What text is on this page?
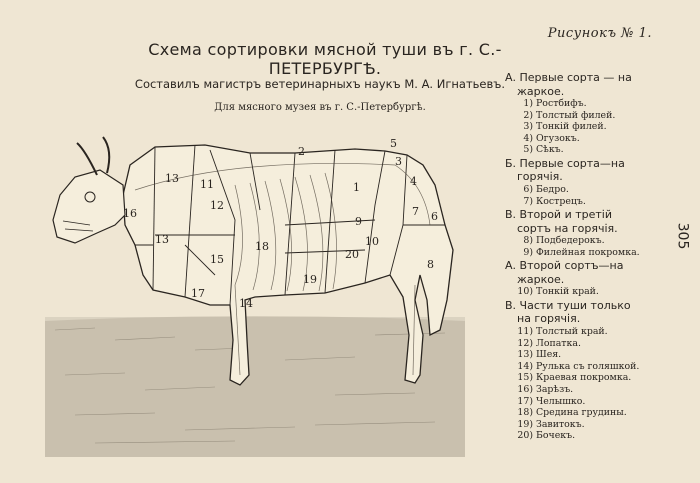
Рисунокъ № 1.
Схема сортировки мясной туши въ г. С.-ПЕТЕРБУРГѢ.
Составилъ магистръ ветеринарныхъ наукъ М. А. Игнатьевъ.
Для мясного музея въ г. С.-Петербургѣ.
305
1
2
3
4
5
6
7
8
9
10
11
12
13
13
14
15
16
17
18
19
20
А. Первые сорта — на
жаркое.
1) Ростбифъ.
2) Толстый филей.
3) Тонкій филей.
4) Огузокъ.
5) Сѣкъ.
Б. Первые сорта—на
горячія.
6) Бедро.
7) Кострецъ.
В. Второй и третій
сортъ на горячія.
8) Подбедерокъ.
9) Филейная покромка.
А. Второй сортъ—на
жаркое.
10) Тонкій край.
В. Части туши только
на горячія.
11) Толстый край.
12) Лопатка.
13) Шея.
14) Рулька съ голяшкой.
15) Краевая покромка.
16) Зарѣзъ.
17) Челышко.
18) Средина грудины.
19) Завитокъ.
20) Бочекъ.
